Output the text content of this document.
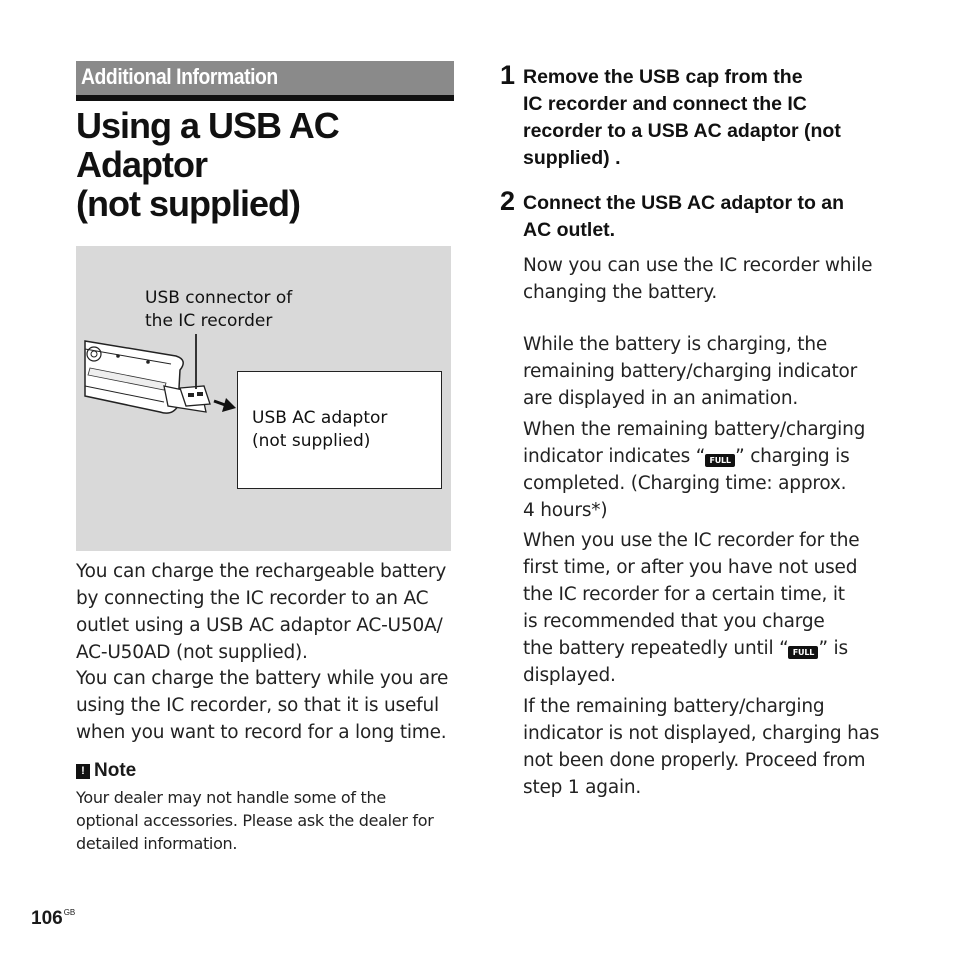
Additional Information
Using a USB AC
Adaptor
(not supplied)
USB connector of
the IC recorder
USB AC adaptor
(not supplied)
You can charge the rechargeable battery
by connecting the IC recorder to an AC
outlet using a USB AC adaptor AC-U50A/
AC-U50AD (not supplied).
You can charge the battery while you are
using the IC recorder, so that it is useful
when you want to record for a long time.
! Note
Your dealer may not handle some of the
optional accessories. Please ask the dealer for
detailed information.
1 Remove the USB cap from the
IC recorder and connect the IC
recorder to a USB AC adaptor (not
supplied) .
2 Connect the USB AC adaptor to an
AC outlet.
Now you can use the IC recorder while
changing the battery.
While the battery is charging, the
remaining battery/charging indicator
are displayed in an animation.
When the remaining battery/charging
indicator indicates “ FULL ” charging is
completed. (Charging time: approx.
4 hours*)
When you use the IC recorder for the
first time, or after you have not used
the IC recorder for a certain time, it
is recommended that you charge
the battery repeatedly until “ FULL ” is
displayed.
If the remaining battery/charging
indicator is not displayed, charging has
not been done properly. Proceed from
step 1 again.
$106^{GB}$
